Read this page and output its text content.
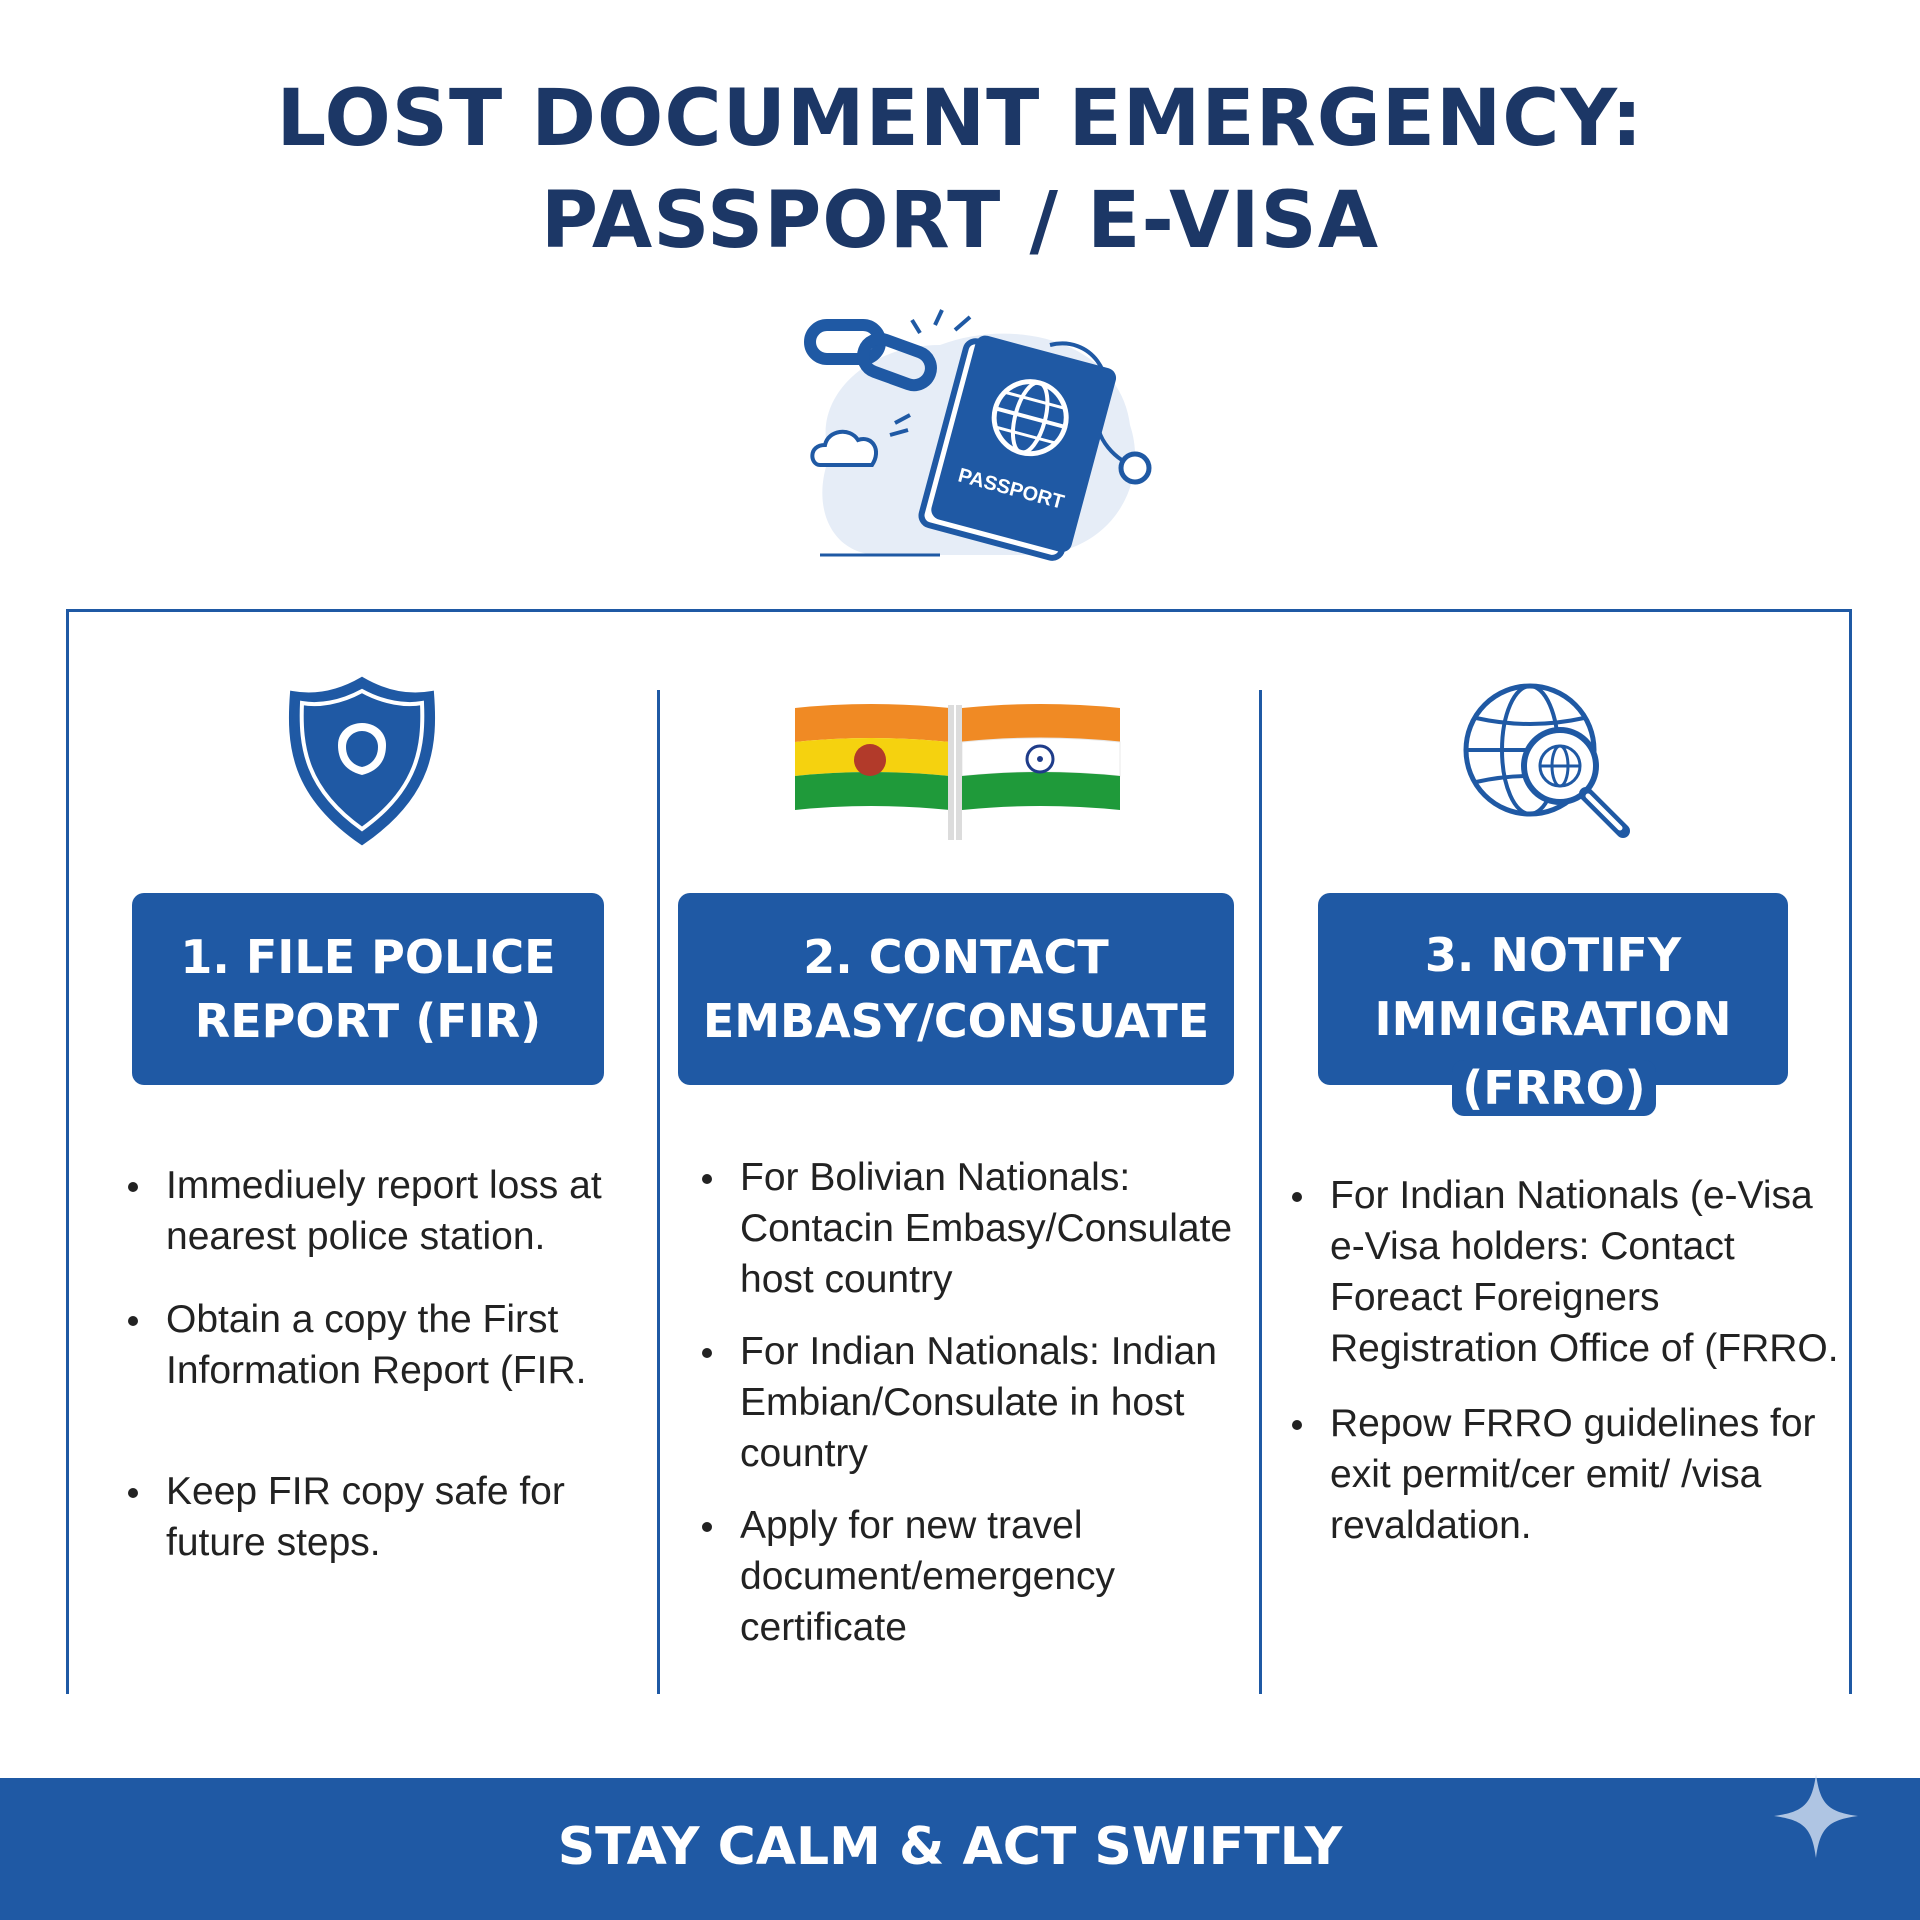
LOST DOCUMENT EMERGENCY:
PASSPORT / E-VISA
PASSPORT
1. FILE POLICE
REPORT (FIR)
2. CONTACT
EMBASY/CONSUATE
3. NOTIFY
IMMIGRATION
(FRRO)
Immediuely report loss at nearest police station.
Obtain a copy the First Information Report (FIR.
Keep FIR copy safe for future steps.
For Bolivian Nationals: Contacin Embasy/Consulate host country
For Indian Nationals: Indian Embian/Consulate in host country
Apply for new travel document/emergency certificate
For Indian Nationals (e-Visa e-Visa holders: Contact Foreact Foreigners Registration Office of (FRRO.
Repow FRRO guidelines for exit permit/cer emit/ /visa revaldation.
STAY CALM & ACT SWIFTLY
